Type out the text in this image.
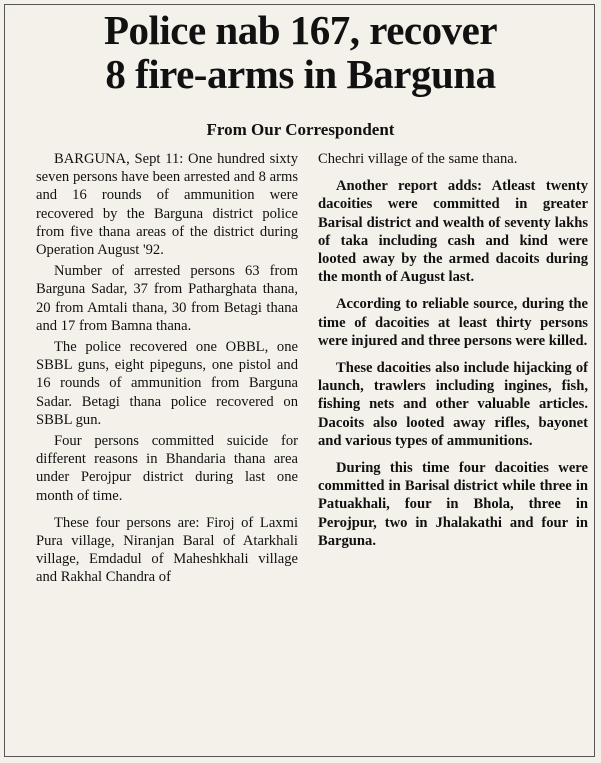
Police nab 167, recover
8 fire-arms in Barguna
From Our Correspondent

BARGUNA, Sept 11: One hundred sixty seven persons have been arrested and 8 arms and 16 rounds of ammunition were recovered by the Barguna district police from five thana areas of the district during Operation August '92.

Number of arrested persons 63 from Barguna Sadar, 37 from Patharghata thana, 20 from Amtali thana, 30 from Betagi thana and 17 from Bamna thana.

The police recovered one OBBL, one SBBL guns, eight pipeguns, one pistol and 16 rounds of ammunition from Barguna Sadar. Betagi thana police recovered on SBBL gun.

Four persons committed suicide for different reasons in Bhandaria thana area under Perojpur district during last one month of time.

These four persons are: Firoj of Laxmi Pura village, Niranjan Baral of Atarkhali village, Emdadul of Maheshkhali village and Rakhal Chandra of

Chechri village of the same thana.

Another report adds: Atleast twenty dacoities were committed in greater Barisal district and wealth of seventy lakhs of taka including cash and kind were looted away by the armed dacoits during the month of August last.

According to reliable source, during the time of dacoities at least thirty persons were injured and three persons were killed.

These dacoities also include hijacking of launch, trawlers including ingines, fish, fishing nets and other valuable articles. Dacoits also looted away rifles, bayonet and various types of ammunitions.

During this time four dacoities were committed in Barisal district while three in Patuakhali, four in Bhola, three in Perojpur, two in Jhalakathi and four in Barguna.
